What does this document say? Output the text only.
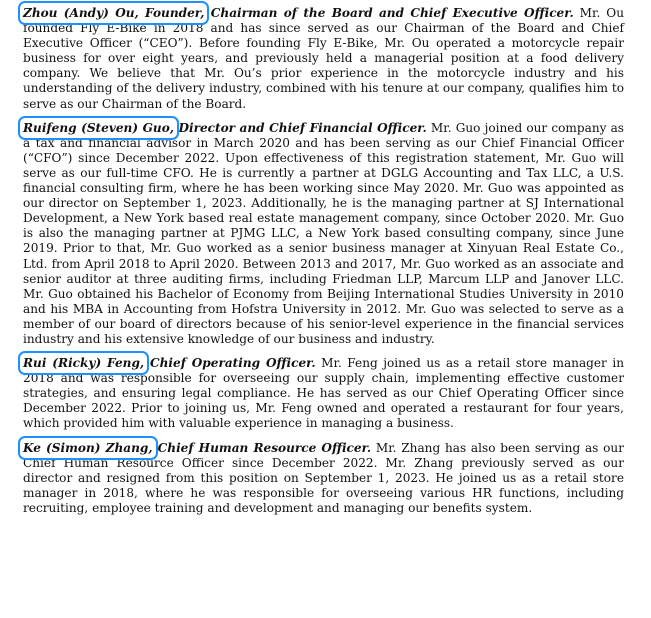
Zhou (Andy) Ou, Founder, Chairman of the Board and Chief Executive Officer. Mr. Ou founded Fly E-Bike in 2018 and has since served as our Chairman of the Board and Chief Executive Officer (“CEO”). Before founding Fly E-Bike, Mr. Ou operated a motorcycle repair business for over eight years, and previously held a managerial position at a food delivery company. We believe that Mr. Ou’s prior experience in the motorcycle industry and his understanding of the delivery industry, combined with his tenure at our company, qualifies him to serve as our Chairman of the Board.

Ruifeng (Steven) Guo, Director and Chief Financial Officer. Mr. Guo joined our company as a tax and financial advisor in March 2020 and has been serving as our Chief Financial Officer (“CFO”) since December 2022. Upon effectiveness of this registration statement, Mr. Guo will serve as our full-time CFO. He is currently a partner at DGLG Accounting and Tax LLC, a U.S. financial consulting firm, where he has been working since May 2020. Mr. Guo was appointed as our director on September 1, 2023. Additionally, he is the managing partner at SJ International Development, a New York based real estate management company, since October 2020. Mr. Guo is also the managing partner at PJMG LLC, a New York based consulting company, since June 2019. Prior to that, Mr. Guo worked as a senior business manager at Xinyuan Real Estate Co., Ltd. from April 2018 to April 2020. Between 2013 and 2017, Mr. Guo worked as an associate and senior auditor at three auditing firms, including Friedman LLP, Marcum LLP and Janover LLC. Mr. Guo obtained his Bachelor of Economy from Beijing International Studies University in 2010 and his MBA in Accounting from Hofstra University in 2012. Mr. Guo was selected to serve as a member of our board of directors because of his senior-level experience in the financial services industry and his extensive knowledge of our business and industry.

Rui (Ricky) Feng, Chief Operating Officer. Mr. Feng joined us as a retail store manager in 2018 and was responsible for overseeing our supply chain, implementing effective customer strategies, and ensuring legal compliance. He has served as our Chief Operating Officer since December 2022. Prior to joining us, Mr. Feng owned and operated a restaurant for four years, which provided him with valuable experience in managing a business.

Ke (Simon) Zhang, Chief Human Resource Officer. Mr. Zhang has also been serving as our Chief Human Resource Officer since December 2022. Mr. Zhang previously served as our director and resigned from this position on September 1, 2023. He joined us as a retail store manager in 2018, where he was responsible for overseeing various HR functions, including recruiting, employee training and development and managing our benefits system.
